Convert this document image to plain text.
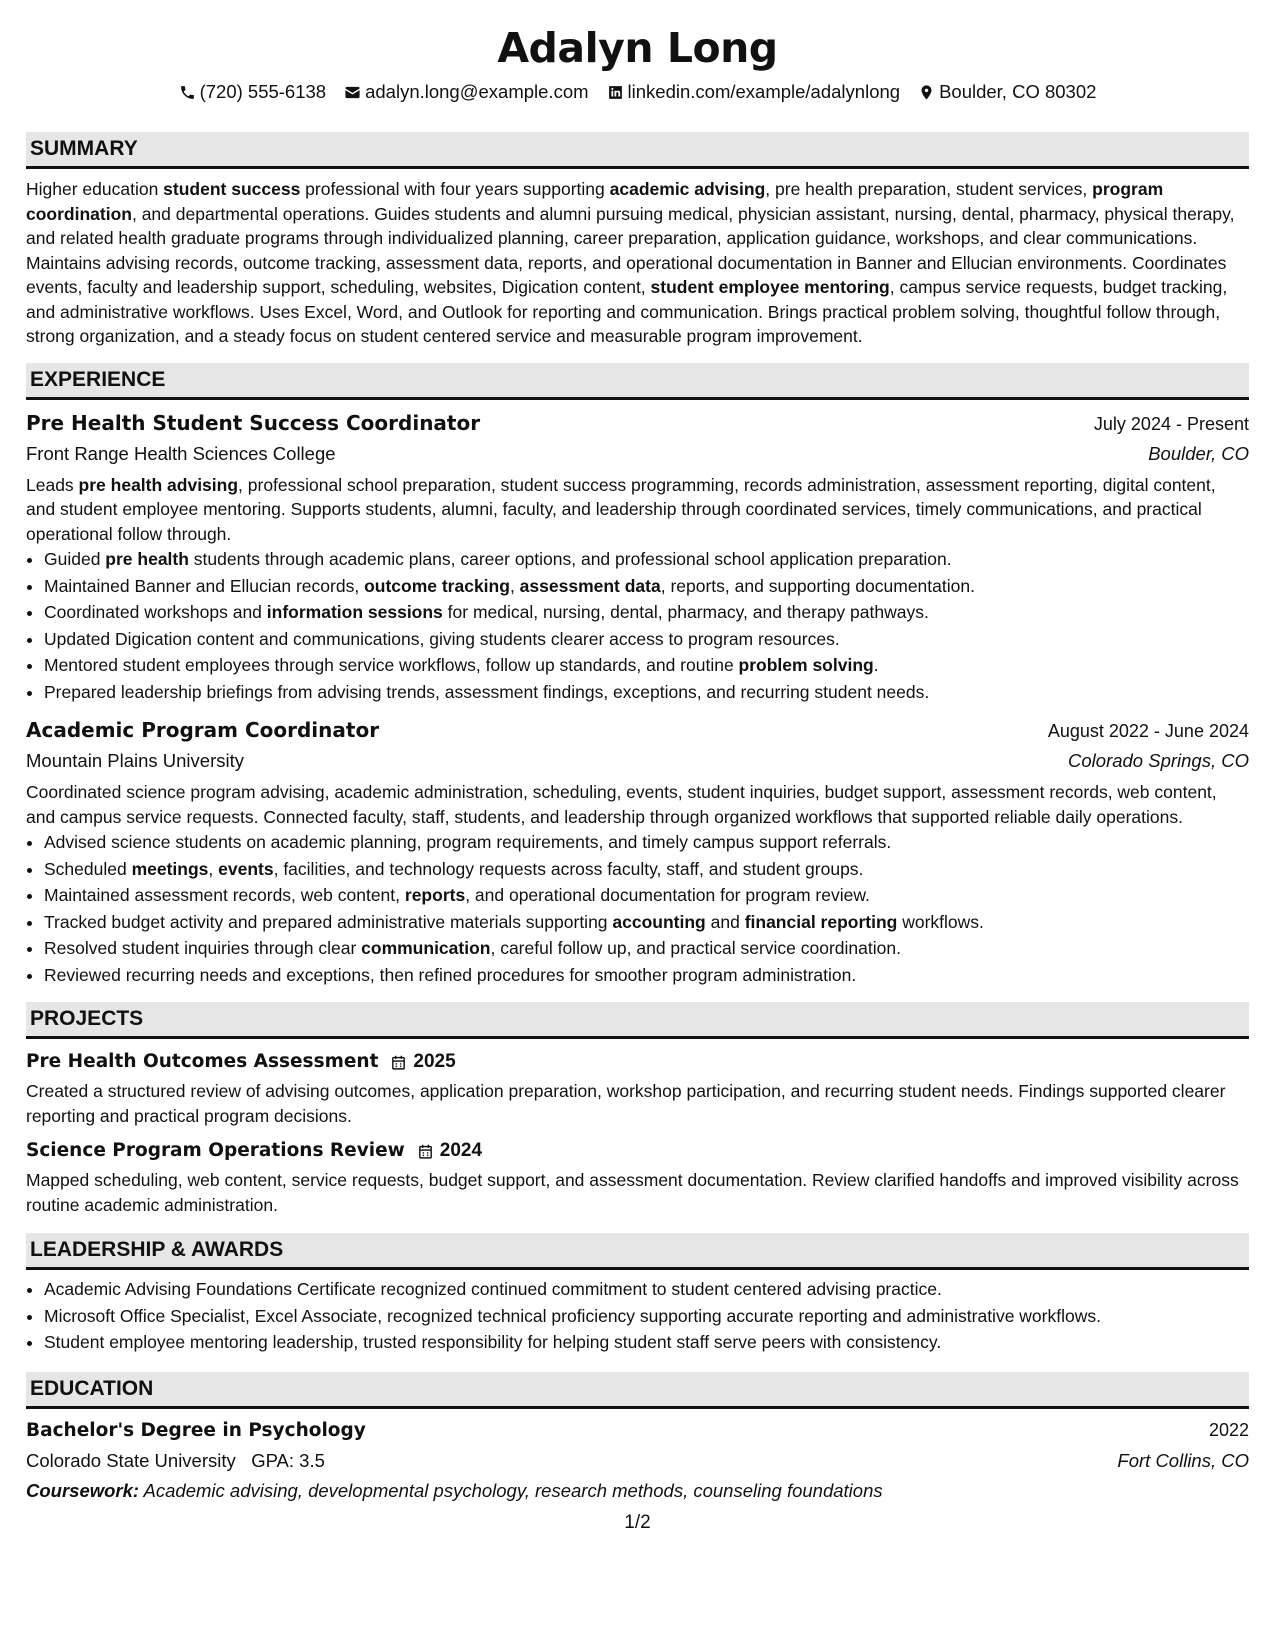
Adalyn Long
(720) 555-6138 adalyn.long@example.com linkedin.com/example/adalynlong Boulder, CO 80302
SUMMARY

Higher education student success professional with four years supporting academic advising, pre health preparation, student services, program coordination, and departmental operations. Guides students and alumni pursuing medical, physician assistant, nursing, dental, pharmacy, physical therapy, and related health graduate programs through individualized planning, career preparation, application guidance, workshops, and clear communications. Maintains advising records, outcome tracking, assessment data, reports, and operational documentation in Banner and Ellucian environments. Coordinates events, faculty and leadership support, scheduling, websites, Digication content, student employee mentoring, campus service requests, budget tracking, and administrative workflows. Uses Excel, Word, and Outlook for reporting and communication. Brings practical problem solving, thoughtful follow through, strong organization, and a steady focus on student centered service and measurable program improvement.

EXPERIENCE
Pre Health Student Success Coordinator	July 2024 - Present
Front Range Health Sciences College	Boulder, CO

Leads pre health advising, professional school preparation, student success programming, records administration, assessment reporting, digital content, and student employee mentoring. Supports students, alumni, faculty, and leadership through coordinated services, timely communications, and practical operational follow through.

• Guided pre health students through academic plans, career options, and professional school application preparation.
• Maintained Banner and Ellucian records, outcome tracking, assessment data, reports, and supporting documentation.
• Coordinated workshops and information sessions for medical, nursing, dental, pharmacy, and therapy pathways.
• Updated Digication content and communications, giving students clearer access to program resources.
• Mentored student employees through service workflows, follow up standards, and routine problem solving.
• Prepared leadership briefings from advising trends, assessment findings, exceptions, and recurring student needs.
Academic Program Coordinator	August 2022 - June 2024
Mountain Plains University	Colorado Springs, CO

Coordinated science program advising, academic administration, scheduling, events, student inquiries, budget support, assessment records, web content, and campus service requests. Connected faculty, staff, students, and leadership through organized workflows that supported reliable daily operations.

• Advised science students on academic planning, program requirements, and timely campus support referrals.
• Scheduled meetings, events, facilities, and technology requests across faculty, staff, and student groups.
• Maintained assessment records, web content, reports, and operational documentation for program review.
• Tracked budget activity and prepared administrative materials supporting accounting and financial reporting workflows.
• Resolved student inquiries through clear communication, careful follow up, and practical service coordination.
• Reviewed recurring needs and exceptions, then refined procedures for smoother program administration.
PROJECTS
Pre Health Outcomes Assessment 2025

Created a structured review of advising outcomes, application preparation, workshop participation, and recurring student needs. Findings supported clearer reporting and practical program decisions.

Science Program Operations Review 2024

Mapped scheduling, web content, service requests, budget support, and assessment documentation. Review clarified handoffs and improved visibility across routine academic administration.

LEADERSHIP & AWARDS
• Academic Advising Foundations Certificate recognized continued commitment to student centered advising practice.
• Microsoft Office Specialist, Excel Associate, recognized technical proficiency supporting accurate reporting and administrative workflows.
• Student employee mentoring leadership, trusted responsibility for helping student staff serve peers with consistency.
EDUCATION
Bachelor's Degree in Psychology	2022
Colorado State University GPA: 3.5	Fort Collins, CO
Coursework: Academic advising, developmental psychology, research methods, counseling foundations
1/2
